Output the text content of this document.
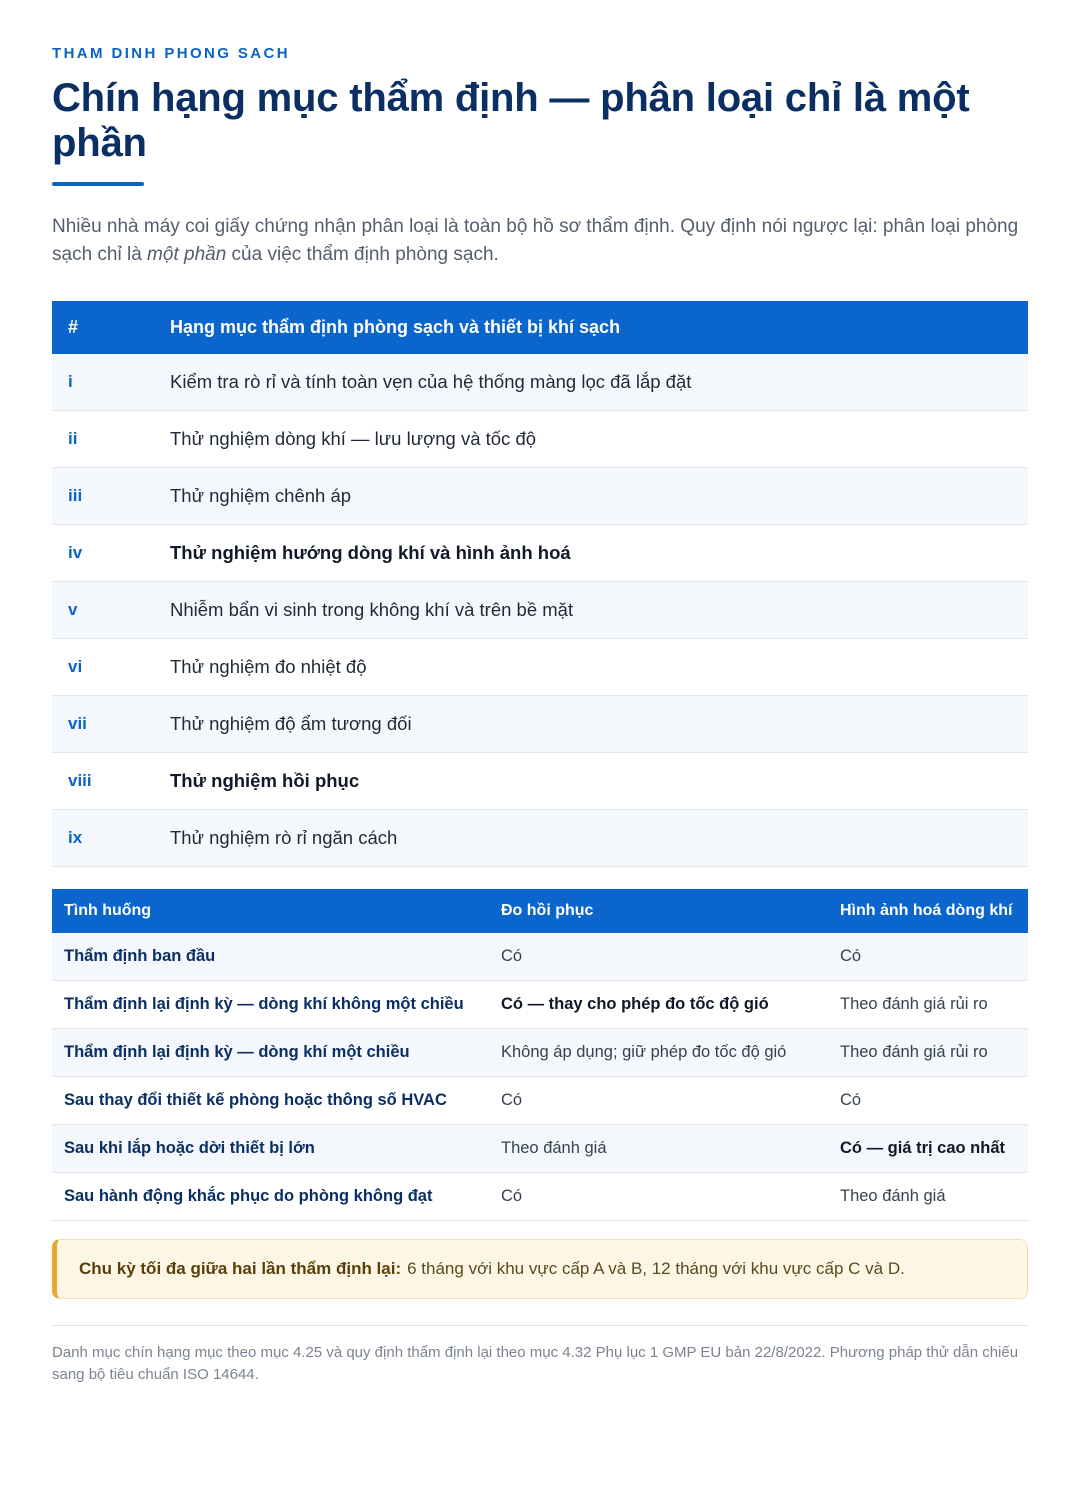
THAM DINH PHONG SACH

Chín hạng mục thẩm định — phân loại chỉ là một phần

Nhiều nhà máy coi giấy chứng nhận phân loại là toàn bộ hồ sơ thẩm định. Quy định nói ngược lại: phân loại phòng sạch chỉ là một phần của việc thẩm định phòng sạch.

#	Hạng mục thẩm định phòng sạch và thiết bị khí sạch
i	Kiểm tra rò rỉ và tính toàn vẹn của hệ thống màng lọc đã lắp đặt
ii	Thử nghiệm dòng khí — lưu lượng và tốc độ
iii	Thử nghiệm chênh áp
iv	Thử nghiệm hướng dòng khí và hình ảnh hoá
v	Nhiễm bẩn vi sinh trong không khí và trên bề mặt
vi	Thử nghiệm đo nhiệt độ
vii	Thử nghiệm độ ẩm tương đối
viii	Thử nghiệm hồi phục
ix	Thử nghiệm rò rỉ ngăn cách
Tình huống	Đo hồi phục	Hình ảnh hoá dòng khí
Thẩm định ban đầu	Có	Có
Thẩm định lại định kỳ — dòng khí không một chiều	Có — thay cho phép đo tốc độ gió	Theo đánh giá rủi ro
Thẩm định lại định kỳ — dòng khí một chiều	Không áp dụng; giữ phép đo tốc độ gió	Theo đánh giá rủi ro
Sau thay đổi thiết kế phòng hoặc thông số HVAC	Có	Có
Sau khi lắp hoặc dời thiết bị lớn	Theo đánh giá	Có — giá trị cao nhất
Sau hành động khắc phục do phòng không đạt	Có	Theo đánh giá
Chu kỳ tối đa giữa hai lần thẩm định lại: 6 tháng với khu vực cấp A và B, 12 tháng với khu vực cấp C và D.

Danh mục chín hạng mục theo mục 4.25 và quy định thẩm định lại theo mục 4.32 Phụ lục 1 GMP EU bản 22/8/2022. Phương pháp thử dẫn chiếu sang bộ tiêu chuẩn ISO 14644.
